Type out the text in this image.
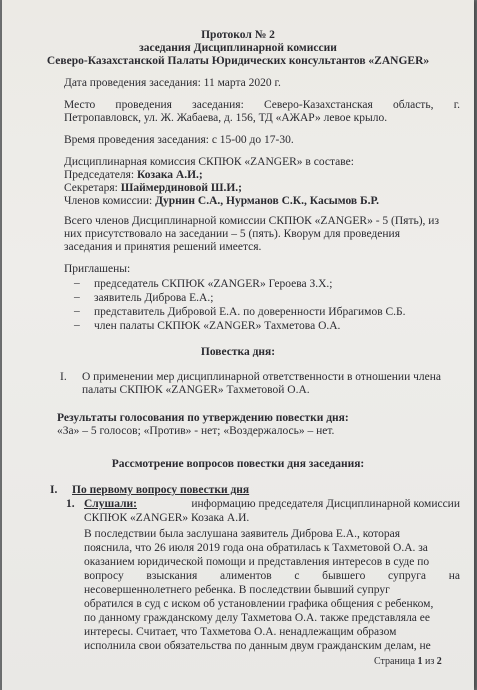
Протокол № 2
заседания Дисциплинарной комиссии
Северо-Казахстанской Палаты Юридических консультантов «ZANGER»
Дата проведения заседания: 11 марта 2020 г.
Место проведения заседания: Северо-Казахстанская область, г.
Петропавловск, ул. Ж. Жабаева, д. 156, ТД «АЖАР» левое крыло.
Время проведения заседания: с 15-00 до 17-30.
Дисциплинарная комиссия СКПЮК «ZANGER» в составе:
Председателя: Козака А.И.;
Секретаря: Шаймердиновой Ш.И.;
Членов комиссии: Дурнин С.А., Нурманов С.К., Касымов Б.Р.
Всего членов Дисциплинарной комиссии СКПЮК «ZANGER» - 5 (Пять), из
них присутствовало на заседании – 5 (пять). Кворум для проведения
заседания и принятия решений имеется.
Приглашены:
– председатель СКПЮК «ZANGER» Героева З.Х.;
– заявитель Диброва Е.А.;
– представитель Дибровой Е.А. по доверенности Ибрагимов С.Б.
– член палаты СКПЮК «ZANGER» Тахметова О.А.
Повестка дня:
I. О применении мер дисциплинарной ответственности в отношении члена
палаты СКПЮК «ZANGER» Тахметовой О.А.
Результаты голосования по утверждению повестки дня:
«За» – 5 голосов; «Против» - нет; «Воздержалось» – нет.
Рассмотрение вопросов повестки дня заседания:
I. По первому вопросу повестки дня
1. Слушали:	информацию председателя Дисциплинарной комиссии
СКПЮК «ZANGER» Козака А.И.
В последствии была заслушана заявитель Диброва Е.А., которая
пояснила, что 26 июля 2019 года она обратилась к Тахметовой О.А. за
оказанием юридической помощи и представления интересов в суде по
вопросу взыскания алиментов с бывшего супруга на
несовершеннолетнего ребенка. В последствии бывший супруг
обратился в суд с иском об установлении графика общения с ребенком,
по данному гражданскому делу Тахметова О.А. также представляла ее
интересы. Считает, что Тахметова О.А. ненадлежащим образом
исполнила свои обязательства по данным двум гражданским делам, не
Страница 1 из 2
